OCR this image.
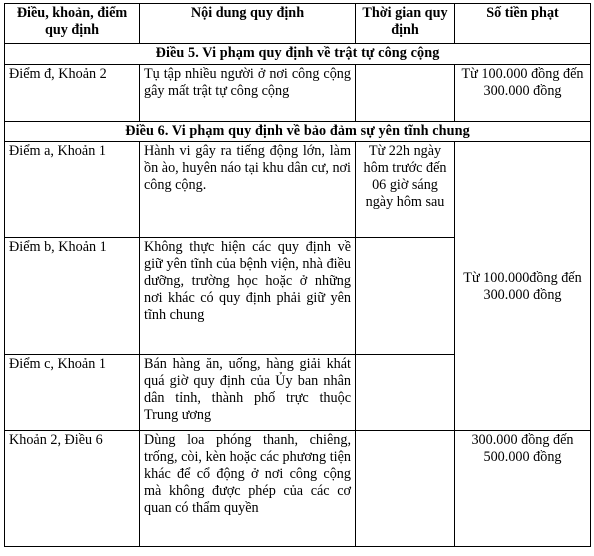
Điều, khoản, điểm quy định	Nội dung quy định	Thời gian quy định	Số tiền phạt
Điều 5. Vi phạm quy định về trật tự công cộng			
Điểm đ, Khoản 2	Tụ tập nhiều người ở nơi công cộng gây mất trật tự công cộng		Từ 100.000 đồng đến 300.000 đồng
Điều 6. Vi phạm quy định về bảo đảm sự yên tĩnh chung			
Điểm a, Khoản 1	Hành vi gây ra tiếng động lớn, làm ồn ào, huyên náo tại khu dân cư, nơi công cộng.	Từ 22h ngày hôm trước đến 06 giờ sáng ngày hôm sau	Từ 100.000đồng đến 300.000 đồng
Điểm b, Khoản 1	Không thực hiện các quy định về giữ yên tĩnh của bệnh viện, nhà điều dưỡng, trường học hoặc ở những nơi khác có quy định phải giữ yên tĩnh chung		
Điểm c, Khoản 1	Bán hàng ăn, uống, hàng giải khát quá giờ quy định của Ủy ban nhân dân tỉnh, thành phố trực thuộc Trung ương		
Khoản 2, Điều 6	Dùng loa phóng thanh, chiêng, trống, còi, kèn hoặc các phương tiện khác để cổ động ở nơi công cộng mà không được phép của các cơ quan có thẩm quyền		300.000 đồng đến 500.000 đồng
